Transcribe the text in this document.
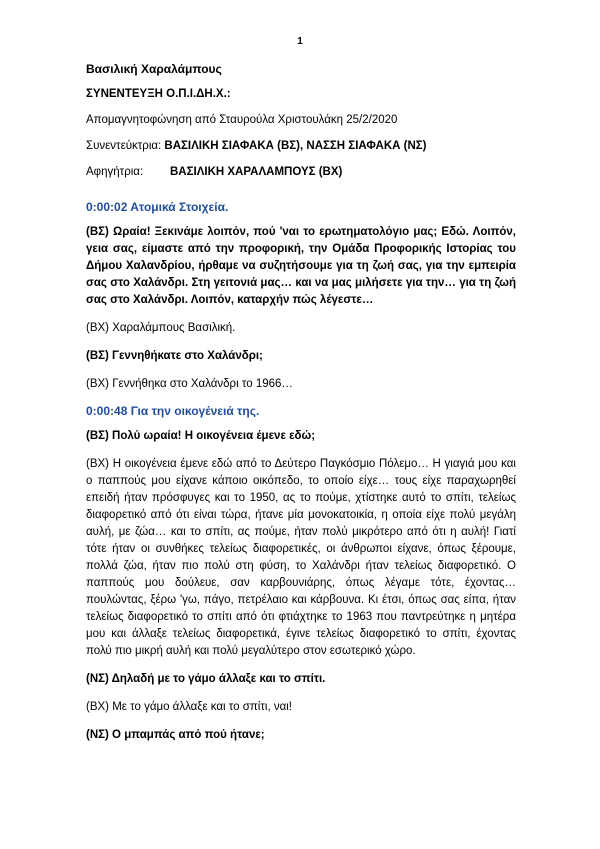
1

Βασιλική Χαραλάμπους

ΣΥΝΕΝΤΕΥΞΗ Ο.Π.Ι.ΔΗ.Χ.:

Απομαγνητοφώνηση από Σταυρούλα Χριστουλάκη 25/2/2020

Συνεντεύκτρια: ΒΑΣΙΛΙΚΗ ΣΙΑΦΑΚΑ (ΒΣ), ΝΑΣΣΗ ΣΙΑΦΑΚΑ (ΝΣ)

Αφηγήτρια: ΒΑΣΙΛΙΚΗ ΧΑΡΑΛΑΜΠΟΥΣ (ΒΧ)

0:00:02 Ατομικά Στοιχεία.

(ΒΣ) Ωραία! Ξεκινάμε λοιπόν, πού 'ναι το ερωτηματολόγιο μας; Εδώ. Λοιπόν, γεια σας, είμαστε από την προφορική, την Ομάδα Προφορικής Ιστορίας του Δήμου Χαλανδρίου, ήρθαμε να συζητήσουμε για τη ζωή σας, για την εμπειρία σας στο Χαλάνδρι. Στη γειτονιά μας… και να μας μιλήσετε για την… για τη ζωή σας στο Χαλάνδρι. Λοιπόν, καταρχήν πώς λέγεστε…

(ΒΧ) Χαραλάμπους Βασιλική.

(ΒΣ) Γεννηθήκατε στο Χαλάνδρι;

(ΒΧ) Γεννήθηκα στο Χαλάνδρι το 1966…

0:00:48 Για την οικογένειά της.

(ΒΣ) Πολύ ωραία! Η οικογένεια έμενε εδώ;

(ΒΧ) Η οικογένεια έμενε εδώ από το Δεύτερο Παγκόσμιο Πόλεμο… Η γιαγιά μου και ο παππούς μου είχανε κάποιο οικόπεδο, το οποίο είχε… τους είχε παραχωρηθεί επειδή ήταν πρόσφυγες και το 1950, ας το πούμε, χτίστηκε αυτό το σπίτι, τελείως διαφορετικό από ότι είναι τώρα, ήτανε μία μονοκατοικία, η οποία είχε πολύ μεγάλη αυλή, με ζώα… και το σπίτι, ας πούμε, ήταν πολύ μικρότερο από ότι η αυλή! Γιατί τότε ήταν οι συνθήκες τελείως διαφορετικές, οι άνθρωποι είχανε, όπως ξέρουμε, πολλά ζώα, ήταν πιο πολύ στη φύση, το Χαλάνδρι ήταν τελείως διαφορετικό. Ο παππούς μου δούλευε, σαν καρβουνιάρης, όπως λέγαμε τότε, έχοντας… πουλώντας, ξέρω 'γω, πάγο, πετρέλαιο και κάρβουνα. Κι έτσι, όπως σας είπα, ήταν τελείως διαφορετικό το σπίτι από ότι φτιάχτηκε το 1963 που παντρεύτηκε η μητέρα μου και άλλαξε τελείως διαφορετικά, έγινε τελείως διαφορετικό το σπίτι, έχοντας πολύ πιο μικρή αυλή και πολύ μεγαλύτερο στον εσωτερικό χώρο.

(ΝΣ) Δηλαδή με το γάμο άλλαξε και το σπίτι.

(ΒΧ) Με το γάμο άλλαξε και το σπίτι, ναι!

(ΝΣ) Ο μπαμπάς από πού ήτανε;
